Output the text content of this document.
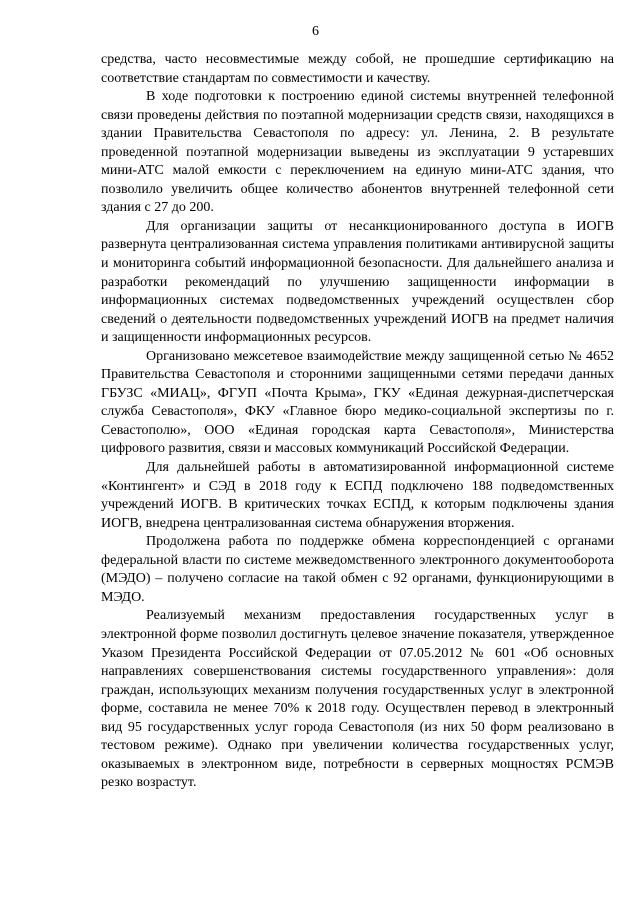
6

средства, часто несовместимые между собой, не прошедшие сертификацию на соответствие стандартам по совместимости и качеству.

В ходе подготовки к построению единой системы внутренней телефонной связи проведены действия по поэтапной модернизации средств связи, находящихся в здании Правительства Севастополя по адресу: ул. Ленина, 2. В результате проведенной поэтапной модернизации выведены из эксплуатации 9 устаревших мини-АТС малой емкости с переключением на единую мини-АТС здания, что позволило увеличить общее количество абонентов внутренней телефонной сети здания с 27 до 200.

Для организации защиты от несанкционированного доступа в ИОГВ развернута централизованная система управления политиками антивирусной защиты и мониторинга событий информационной безопасности. Для дальнейшего анализа и разработки рекомендаций по улучшению защищенности информации в информационных системах подведомственных учреждений осуществлен сбор сведений о деятельности подведомственных учреждений ИОГВ на предмет наличия и защищенности информационных ресурсов.

Организовано межсетевое взаимодействие между защищенной сетью № 4652 Правительства Севастополя и сторонними защищенными сетями передачи данных ГБУЗС «МИАЦ», ФГУП «Почта Крыма», ГКУ «Единая дежурная-диспетчерская служба Севастополя», ФКУ «Главное бюро медико-социальной экспертизы по г. Севастополю», ООО «Единая городская карта Севастополя», Министерства цифрового развития, связи и массовых коммуникаций Российской Федерации.

Для дальнейшей работы в автоматизированной информационной системе «Контингент» и СЭД в 2018 году к ЕСПД подключено 188 подведомственных учреждений ИОГВ. В критических точках ЕСПД, к которым подключены здания ИОГВ, внедрена централизованная система обнаружения вторжения.

Продолжена работа по поддержке обмена корреспонденцией с органами федеральной власти по системе межведомственного электронного документооборота (МЭДО) – получено согласие на такой обмен с 92 органами, функционирующими в МЭДО.

Реализуемый механизм предоставления государственных услуг в электронной форме позволил достигнуть целевое значение показателя, утвержденное Указом Президента Российской Федерации от 07.05.2012 № 601 «Об основных направлениях совершенствования системы государственного управления»: доля граждан, использующих механизм получения государственных услуг в электронной форме, составила не менее 70% к 2018 году. Осуществлен перевод в электронный вид 95 государственных услуг города Севастополя (из них 50 форм реализовано в тестовом режиме). Однако при увеличении количества государственных услуг, оказываемых в электронном виде, потребности в серверных мощностях РСМЭВ резко возрастут.
